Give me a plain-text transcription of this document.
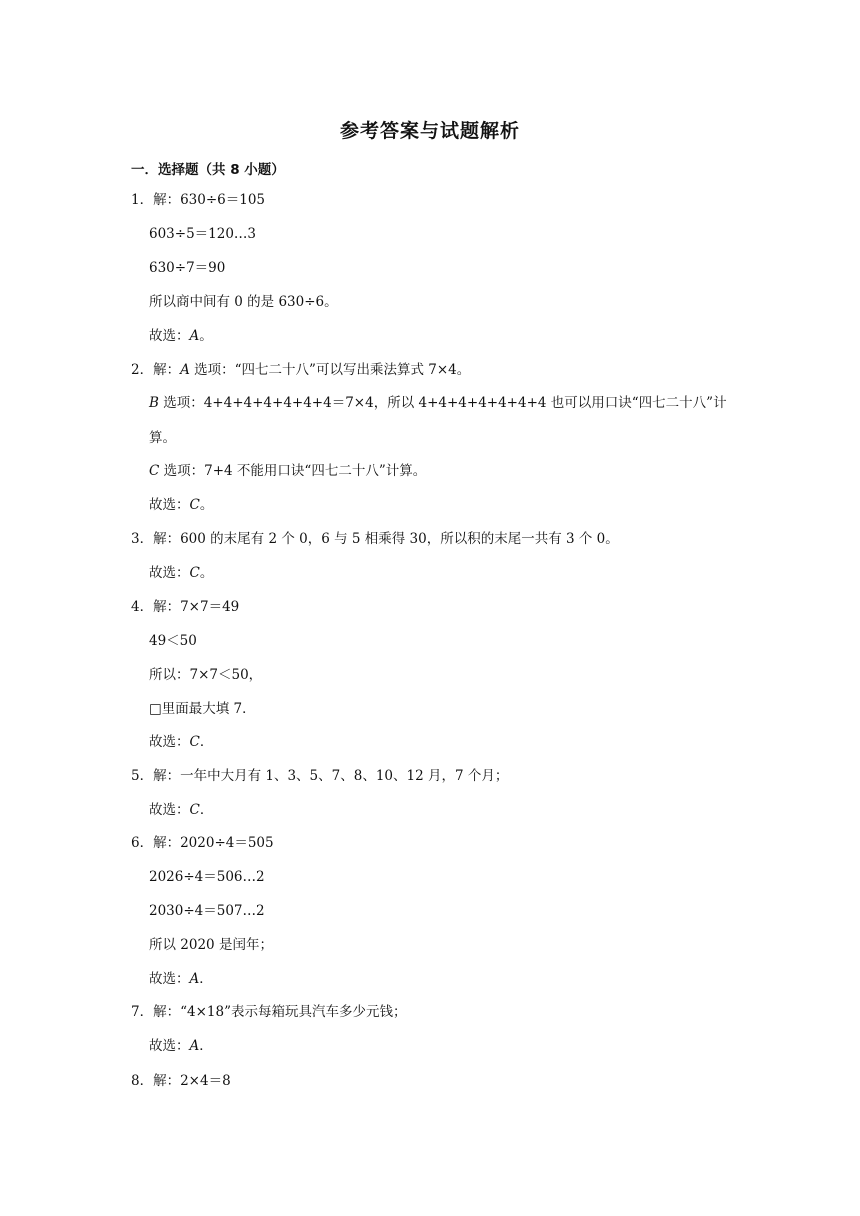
参考答案与试题解析
一．选择题（共 8 小题）
1．解：630÷6＝105
603÷5＝120…3
630÷7＝90
所以商中间有 0 的是 630÷6。
故选：A。
2．解：A 选项：“四七二十八”可以写出乘法算式 7×4。
B 选项：4+4+4+4+4+4+4＝7×4，所以 4+4+4+4+4+4+4 也可以用口诀“四七二十八”计
算。
C 选项：7+4 不能用口诀“四七二十八”计算。
故选：C。
3．解：600 的末尾有 2 个 0，6 与 5 相乘得 30，所以积的末尾一共有 3 个 0。
故选：C。
4．解：7×7＝49
49＜50
所以：7×7＜50，
□里面最大填 7．
故选：C．
5．解：一年中大月有 1、3、5、7、8、10、12 月，7 个月；
故选：C．
6．解：2020÷4＝505
2026÷4＝506…2
2030÷4＝507…2
所以 2020 是闰年；
故选：A．
7．解：“4×18”表示每箱玩具汽车多少元钱；
故选：A．
8．解：2×4＝8
